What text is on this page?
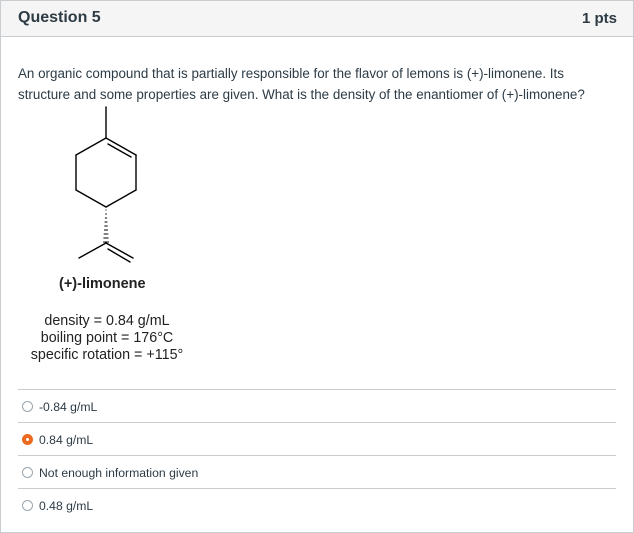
Question 5	1 pts
An organic compound that is partially responsible for the flavor of lemons is (+)-limonene. Its structure and some properties are given. What is the density of the enantiomer of (+)-limonene?
(+)-limonene
density = 0.84 g/mL
boiling point = 176°C
specific rotation = +115°
-0.84 g/mL
0.84 g/mL
Not enough information given
0.48 g/mL
